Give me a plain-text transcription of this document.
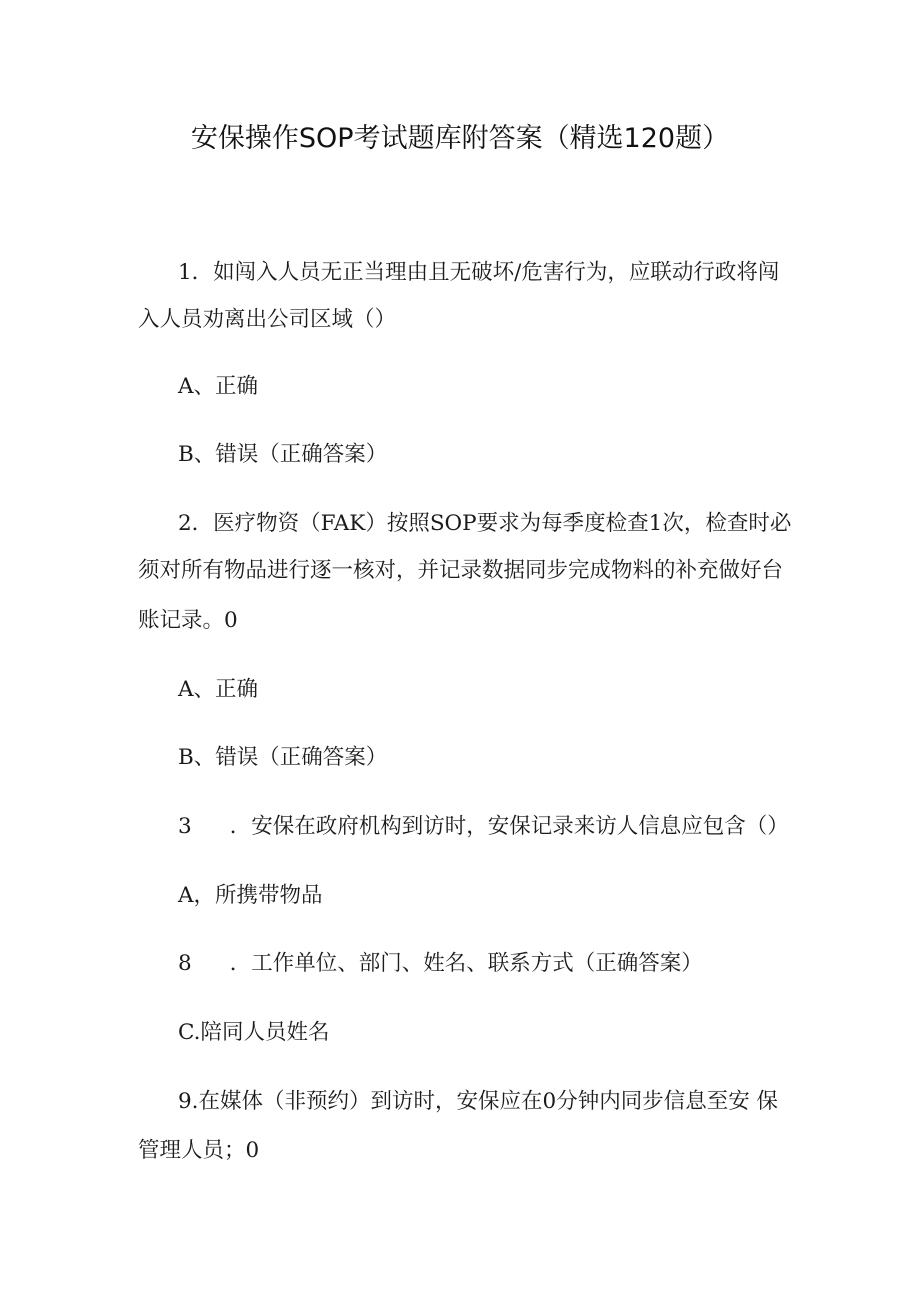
安保操作SOP考试题库附答案（精选120题）
1．如闯入人员无正当理由且无破坏/危害行为，应联动行政将闯
入人员劝离出公司区域（）
A、正确
B、错误（正确答案）
2．医疗物资（FAK）按照SOP要求为每季度检查1次，检查时必
须对所有物品进行逐一核对，并记录数据同步完成物料的补充做好台
账记录。0
A、正确
B、错误（正确答案）
3 ．安保在政府机构到访时，安保记录来访人信息应包含（）
A，所携带物品
8 ．工作单位、部门、姓名、联系方式（正确答案）
C.陪同人员姓名
9.在媒体（非预约）到访时，安保应在0分钟内同步信息至安 保
管理人员；0
